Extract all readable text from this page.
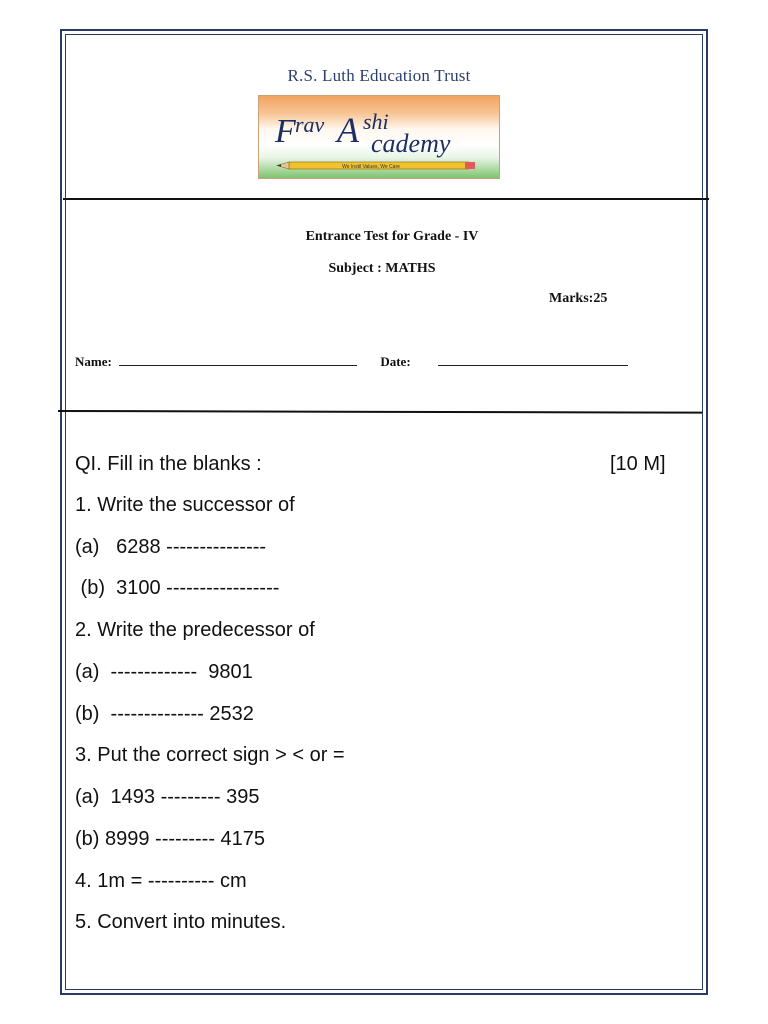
R.S. Luth Education Trust
F rav A shi
cademy
We Instil Values, We Care
Entrance Test for Grade - IV
Subject : MATHS
Marks:25
Name:	Date:
QI. Fill in the blanks :	[10 M]
1. Write the successor of
(a)   6288 ---------------
(b)  3100 -----------------
2. Write the predecessor of
(a)  -------------  9801
(b)  -------------- 2532
3. Put the correct sign > < or =
(a)  1493 --------- 395
(b) 8999 --------- 4175
4. 1m = ---------- cm
5. Convert into minutes.
